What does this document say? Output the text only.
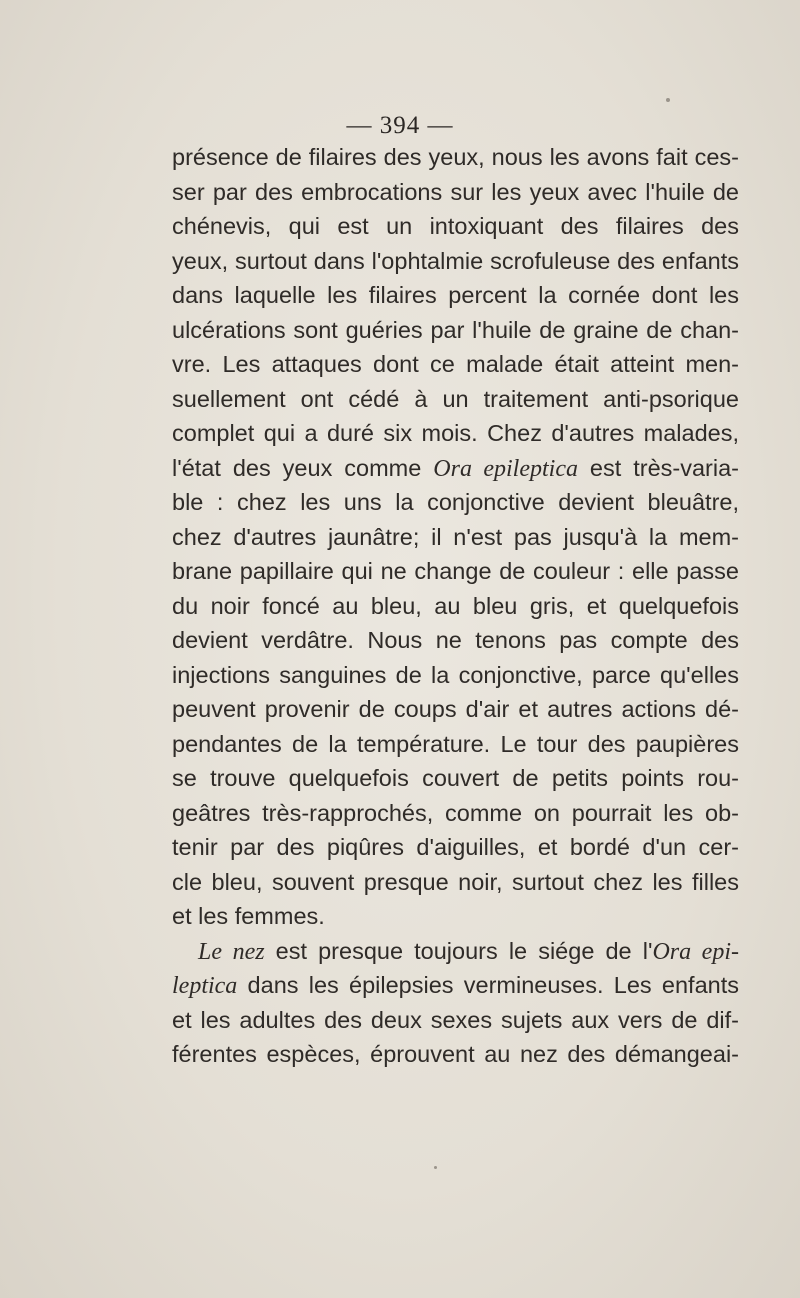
— 394 —
présence de filaires des yeux, nous les avons fait ces-
ser par des embrocations sur les yeux avec l'huile de
chénevis, qui est un intoxiquant des filaires des
yeux, surtout dans l'ophtalmie scrofuleuse des enfants
dans laquelle les filaires percent la cornée dont les
ulcérations sont guéries par l'huile de graine de chan-
vre. Les attaques dont ce malade était atteint men-
suellement ont cédé à un traitement anti-psorique
complet qui a duré six mois. Chez d'autres malades,
l'état des yeux comme Ora epileptica est très-varia-
ble : chez les uns la conjonctive devient bleuâtre,
chez d'autres jaunâtre; il n'est pas jusqu'à la mem-
brane papillaire qui ne change de couleur : elle passe
du noir foncé au bleu, au bleu gris, et quelquefois
devient verdâtre. Nous ne tenons pas compte des
injections sanguines de la conjonctive, parce qu'elles
peuvent provenir de coups d'air et autres actions dé-
pendantes de la température. Le tour des paupières
se trouve quelquefois couvert de petits points rou-
geâtres très-rapprochés, comme on pourrait les ob-
tenir par des piqûres d'aiguilles, et bordé d'un cer-
cle bleu, souvent presque noir, surtout chez les filles
et les femmes.
Le nez est presque toujours le siége de l'Ora epi-
leptica dans les épilepsies vermineuses. Les enfants
et les adultes des deux sexes sujets aux vers de dif-
férentes espèces, éprouvent au nez des démangeai-
